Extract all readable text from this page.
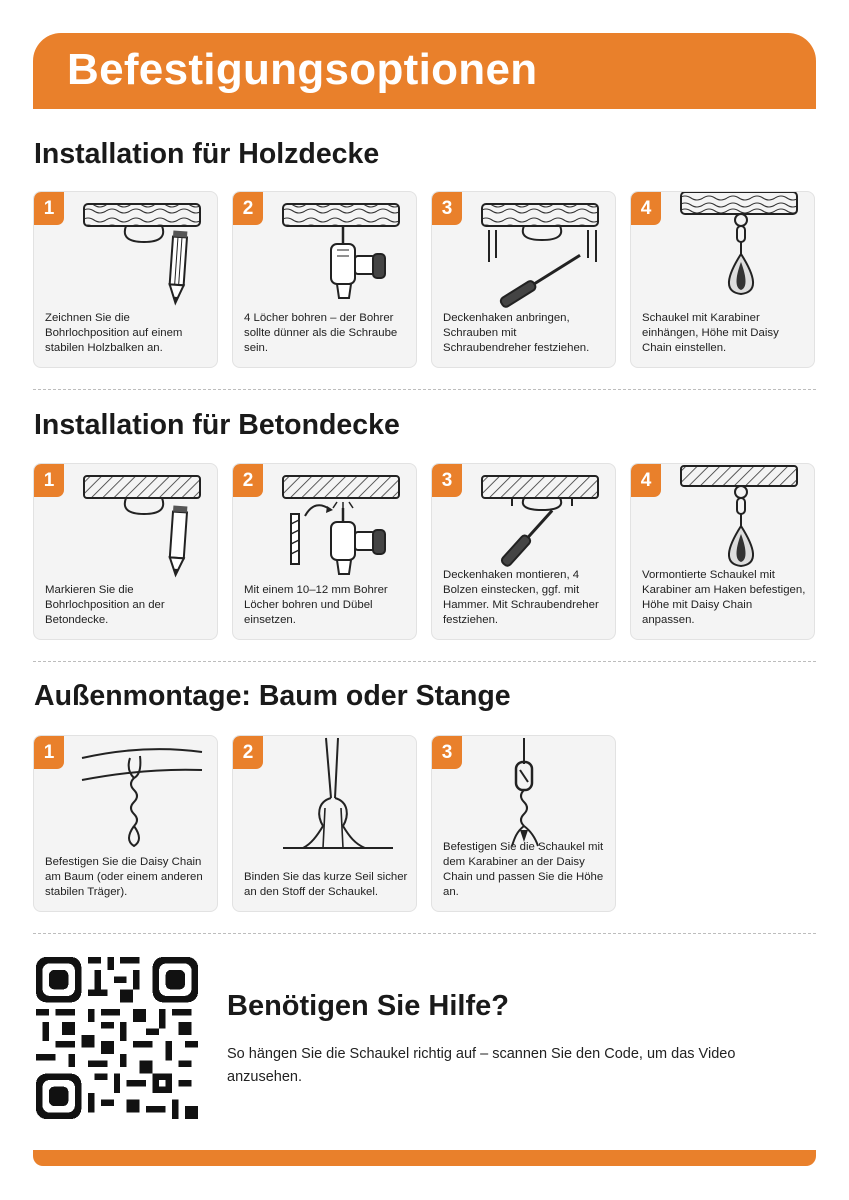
Befestigungsoptionen
Installation für Holzdecke
1
Zeichnen Sie die Bohrlochposition auf einem stabilen Holzbalken an.
2
4 Löcher bohren – der Bohrer sollte dünner als die Schraube sein.
3
Deckenhaken anbringen, Schrauben mit Schraubendreher festziehen.
4
Schaukel mit Karabiner einhängen, Höhe mit Daisy Chain einstellen.
Installation für Betondecke
1
Markieren Sie die Bohrlochposition an der Betondecke.
2
Mit einem 10–12 mm Bohrer Löcher bohren und Dübel einsetzen.
3
Deckenhaken montieren, 4 Bolzen einstecken, ggf. mit Hammer. Mit Schraubendreher festziehen.
4
Vormontierte Schaukel mit Karabiner am Haken befestigen, Höhe mit Daisy Chain anpassen.
Außenmontage: Baum oder Stange
1
Befestigen Sie die Daisy Chain am Baum (oder einem anderen stabilen Träger).
2
Binden Sie das kurze Seil sicher an den Stoff der Schaukel.
3
Befestigen Sie die Schaukel mit dem Karabiner an der Daisy Chain und passen Sie die Höhe an.
Benötigen Sie Hilfe?

So hängen Sie die Schaukel richtig auf – scannen Sie den Code, um das Video anzusehen.
